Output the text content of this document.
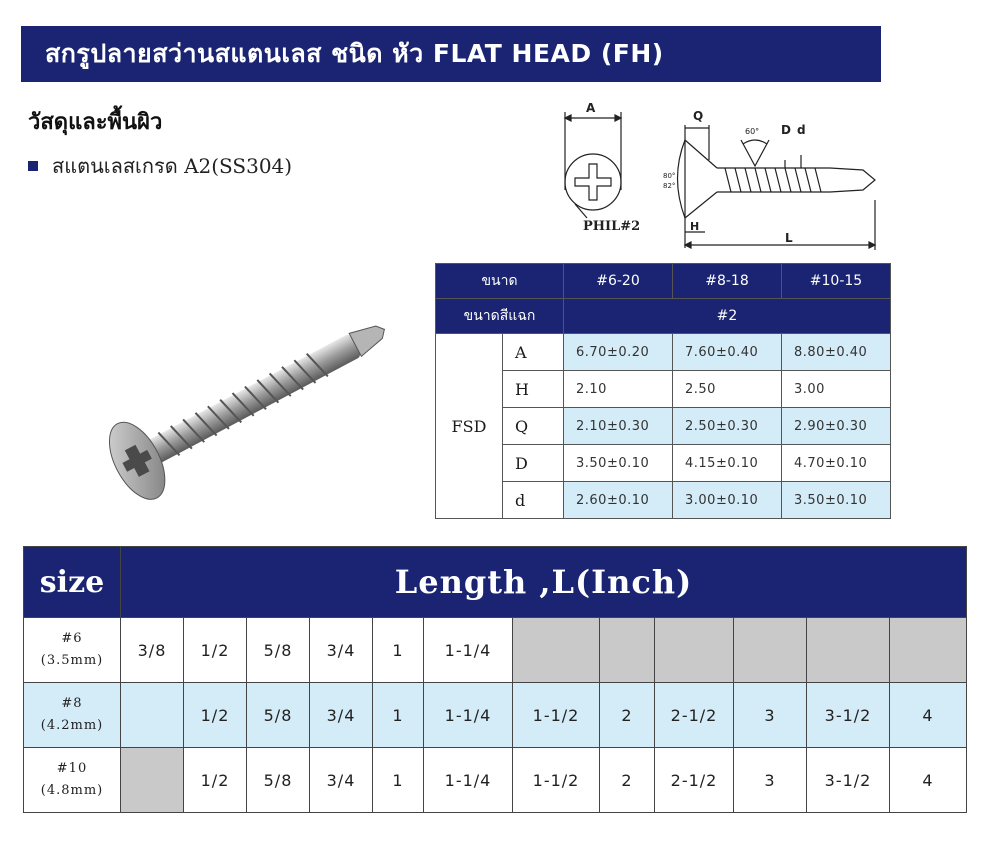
สกรูปลายสว่านสแตนเลส ชนิด หัว FLAT HEAD (FH)
วัสดุและพื้นผิว
สแตนเลสเกรด A2(SS304)
A
PHIL#2
Q
60° D d
H
L
80°
82°
ขนาด		#6-20	#8-18	#10-15
ขนาดสีแฉก		#2		
FSD	A	6.70±0.20	7.60±0.40	8.80±0.40
	H	2.10	2.50	3.00
	Q	2.10±0.30	2.50±0.30	2.90±0.30
	D	3.50±0.10	4.15±0.10	4.70±0.10
	d	2.60±0.10	3.00±0.10	3.50±0.10
size	Length ,L(Inch)											
#6
(3.5mm)	3/8	1/2	5/8	3/4	1	1-1/4						
#8
(4.2mm)		1/2	5/8	3/4	1	1-1/4	1-1/2	2	2-1/2	3	3-1/2	4
#10
(4.8mm)		1/2	5/8	3/4	1	1-1/4	1-1/2	2	2-1/2	3	3-1/2	4
